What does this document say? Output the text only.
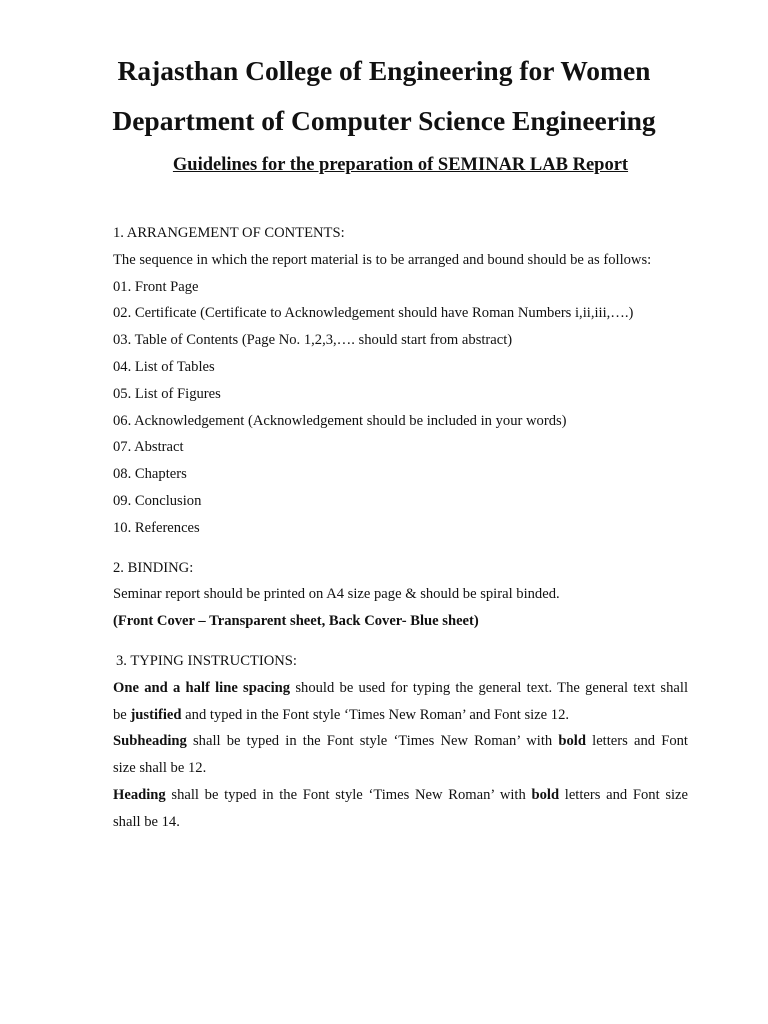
Rajasthan College of Engineering for Women
Department of Computer Science Engineering
Guidelines for the preparation of SEMINAR LAB Report
1. ARRANGEMENT OF CONTENTS:
The sequence in which the report material is to be arranged and bound should be as follows:
01. Front Page
02. Certificate (Certificate to Acknowledgement should have Roman Numbers i,ii,iii,….)
03. Table of Contents (Page No. 1,2,3,…. should start from abstract)
04. List of Tables
05. List of Figures
06. Acknowledgement (Acknowledgement should be included in your words)
07. Abstract
08. Chapters
09. Conclusion
10. References
2. BINDING:
Seminar report should be printed on A4 size page & should be spiral binded.
(Front Cover – Transparent sheet, Back Cover- Blue sheet)
3. TYPING INSTRUCTIONS:
One and a half line spacing should be used for typing the general text. The general text shall
be justified and typed in the Font style ‘Times New Roman’ and Font size 12.
Subheading shall be typed in the Font style ‘Times New Roman’ with bold letters and Font
size shall be 12.
Heading shall be typed in the Font style ‘Times New Roman’ with bold letters and Font size
shall be 14.
